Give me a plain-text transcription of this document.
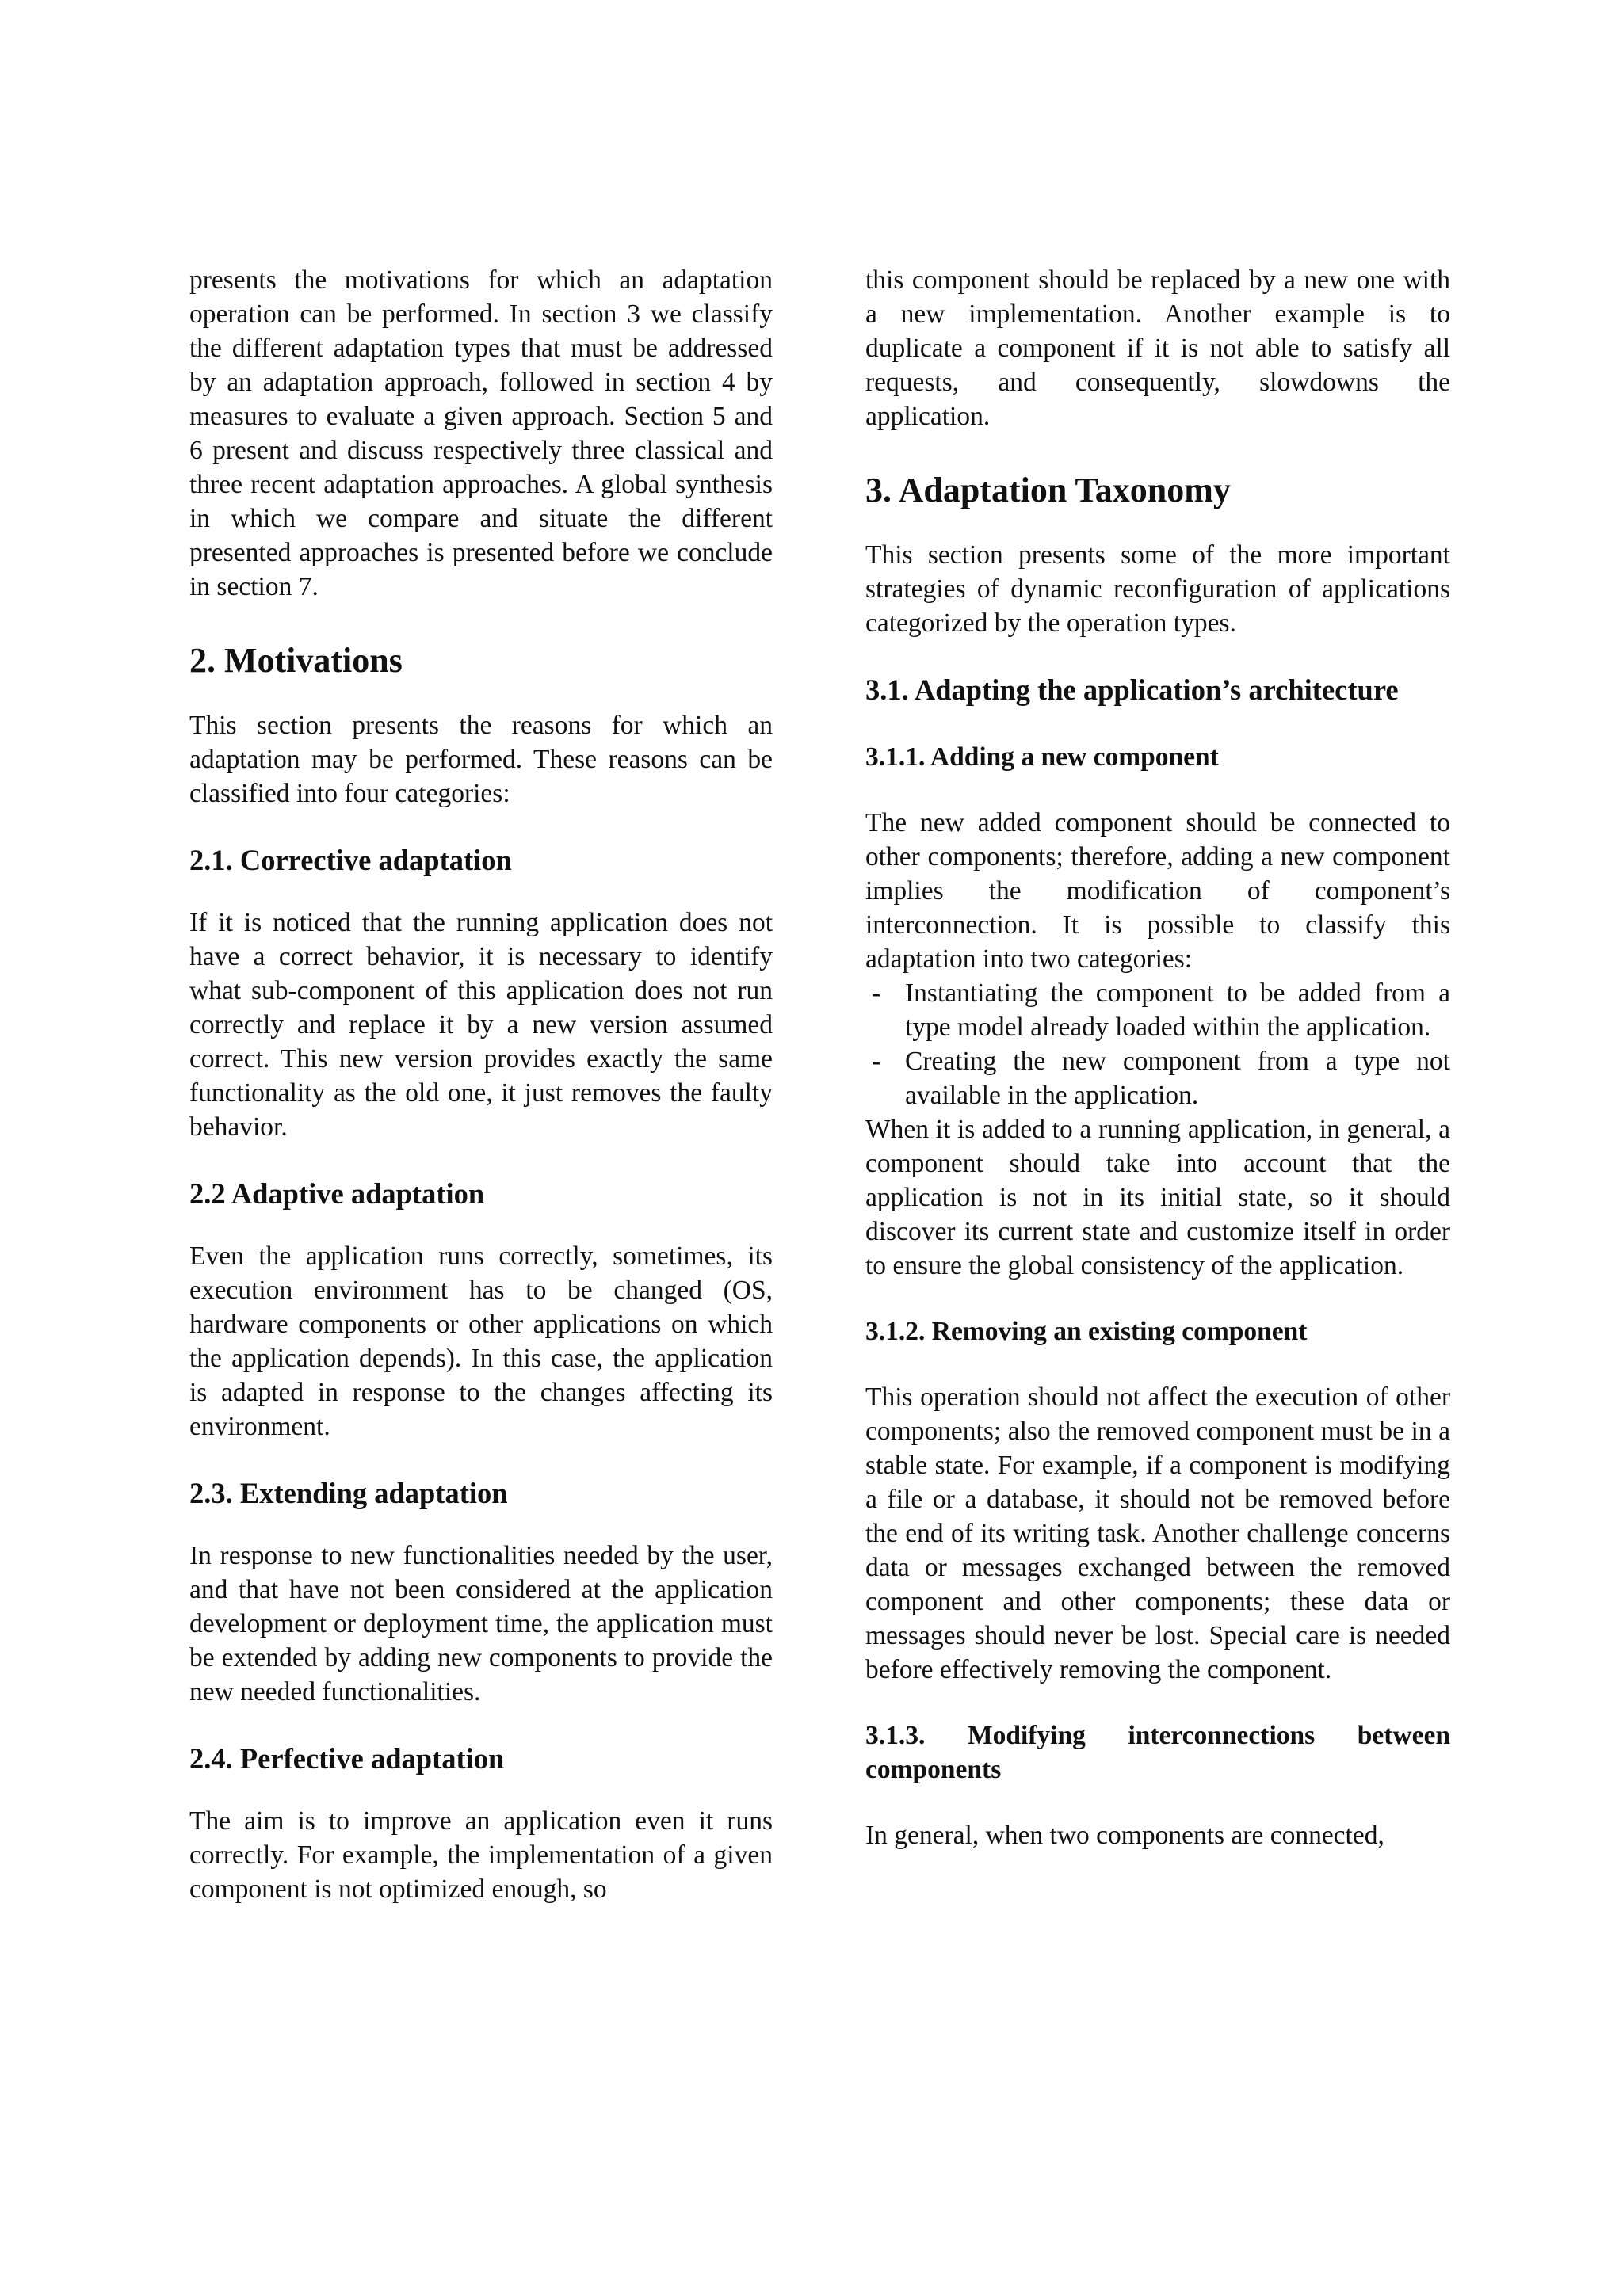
presents the motivations for which an adaptation operation can be performed. In section 3 we classify the different adaptation types that must be addressed by an adaptation approach, followed in section 4 by measures to evaluate a given approach. Section 5 and 6 present and discuss respectively three classical and three recent adaptation approaches. A global synthesis in which we compare and situate the different presented approaches is presented before we conclude in section 7.

2. Motivations

This section presents the reasons for which an adaptation may be performed. These reasons can be classified into four categories:

2.1. Corrective adaptation

If it is noticed that the running application does not have a correct behavior, it is necessary to identify what sub-component of this application does not run correctly and replace it by a new version assumed correct. This new version provides exactly the same functionality as the old one, it just removes the faulty behavior.

2.2 Adaptive adaptation

Even the application runs correctly, sometimes, its execution environment has to be changed (OS, hardware components or other applications on which the application depends). In this case, the application is adapted in response to the changes affecting its environment.

2.3. Extending adaptation

In response to new functionalities needed by the user, and that have not been considered at the application development or deployment time, the application must be extended by adding new components to provide the new needed functionalities.

2.4. Perfective adaptation

The aim is to improve an application even it runs correctly. For example, the implementation of a given component is not optimized enough, so

this component should be replaced by a new one with a new implementation. Another example is to duplicate a component if it is not able to satisfy all requests, and consequently, slowdowns the application.

3. Adaptation Taxonomy

This section presents some of the more important strategies of dynamic reconfiguration of applications categorized by the operation types.

3.1. Adapting the application’s architecture
3.1.1. Adding a new component

The new added component should be connected to other components; therefore, adding a new component implies the modification of component’s interconnection. It is possible to classify this adaptation into two categories:

- Instantiating the component to be added from a type model already loaded within the application.
- Creating the new component from a type not available in the application.

When it is added to a running application, in general, a component should take into account that the application is not in its initial state, so it should discover its current state and customize itself in order to ensure the global consistency of the application.

3.1.2. Removing an existing component

This operation should not affect the execution of other components; also the removed component must be in a stable state. For example, if a component is modifying a file or a database, it should not be removed before the end of its writing task. Another challenge concerns data or messages exchanged between the removed component and other components; these data or messages should never be lost. Special care is needed before effectively removing the component.

3.1.3. Modifying interconnections between components

In general, when two components are connected,
